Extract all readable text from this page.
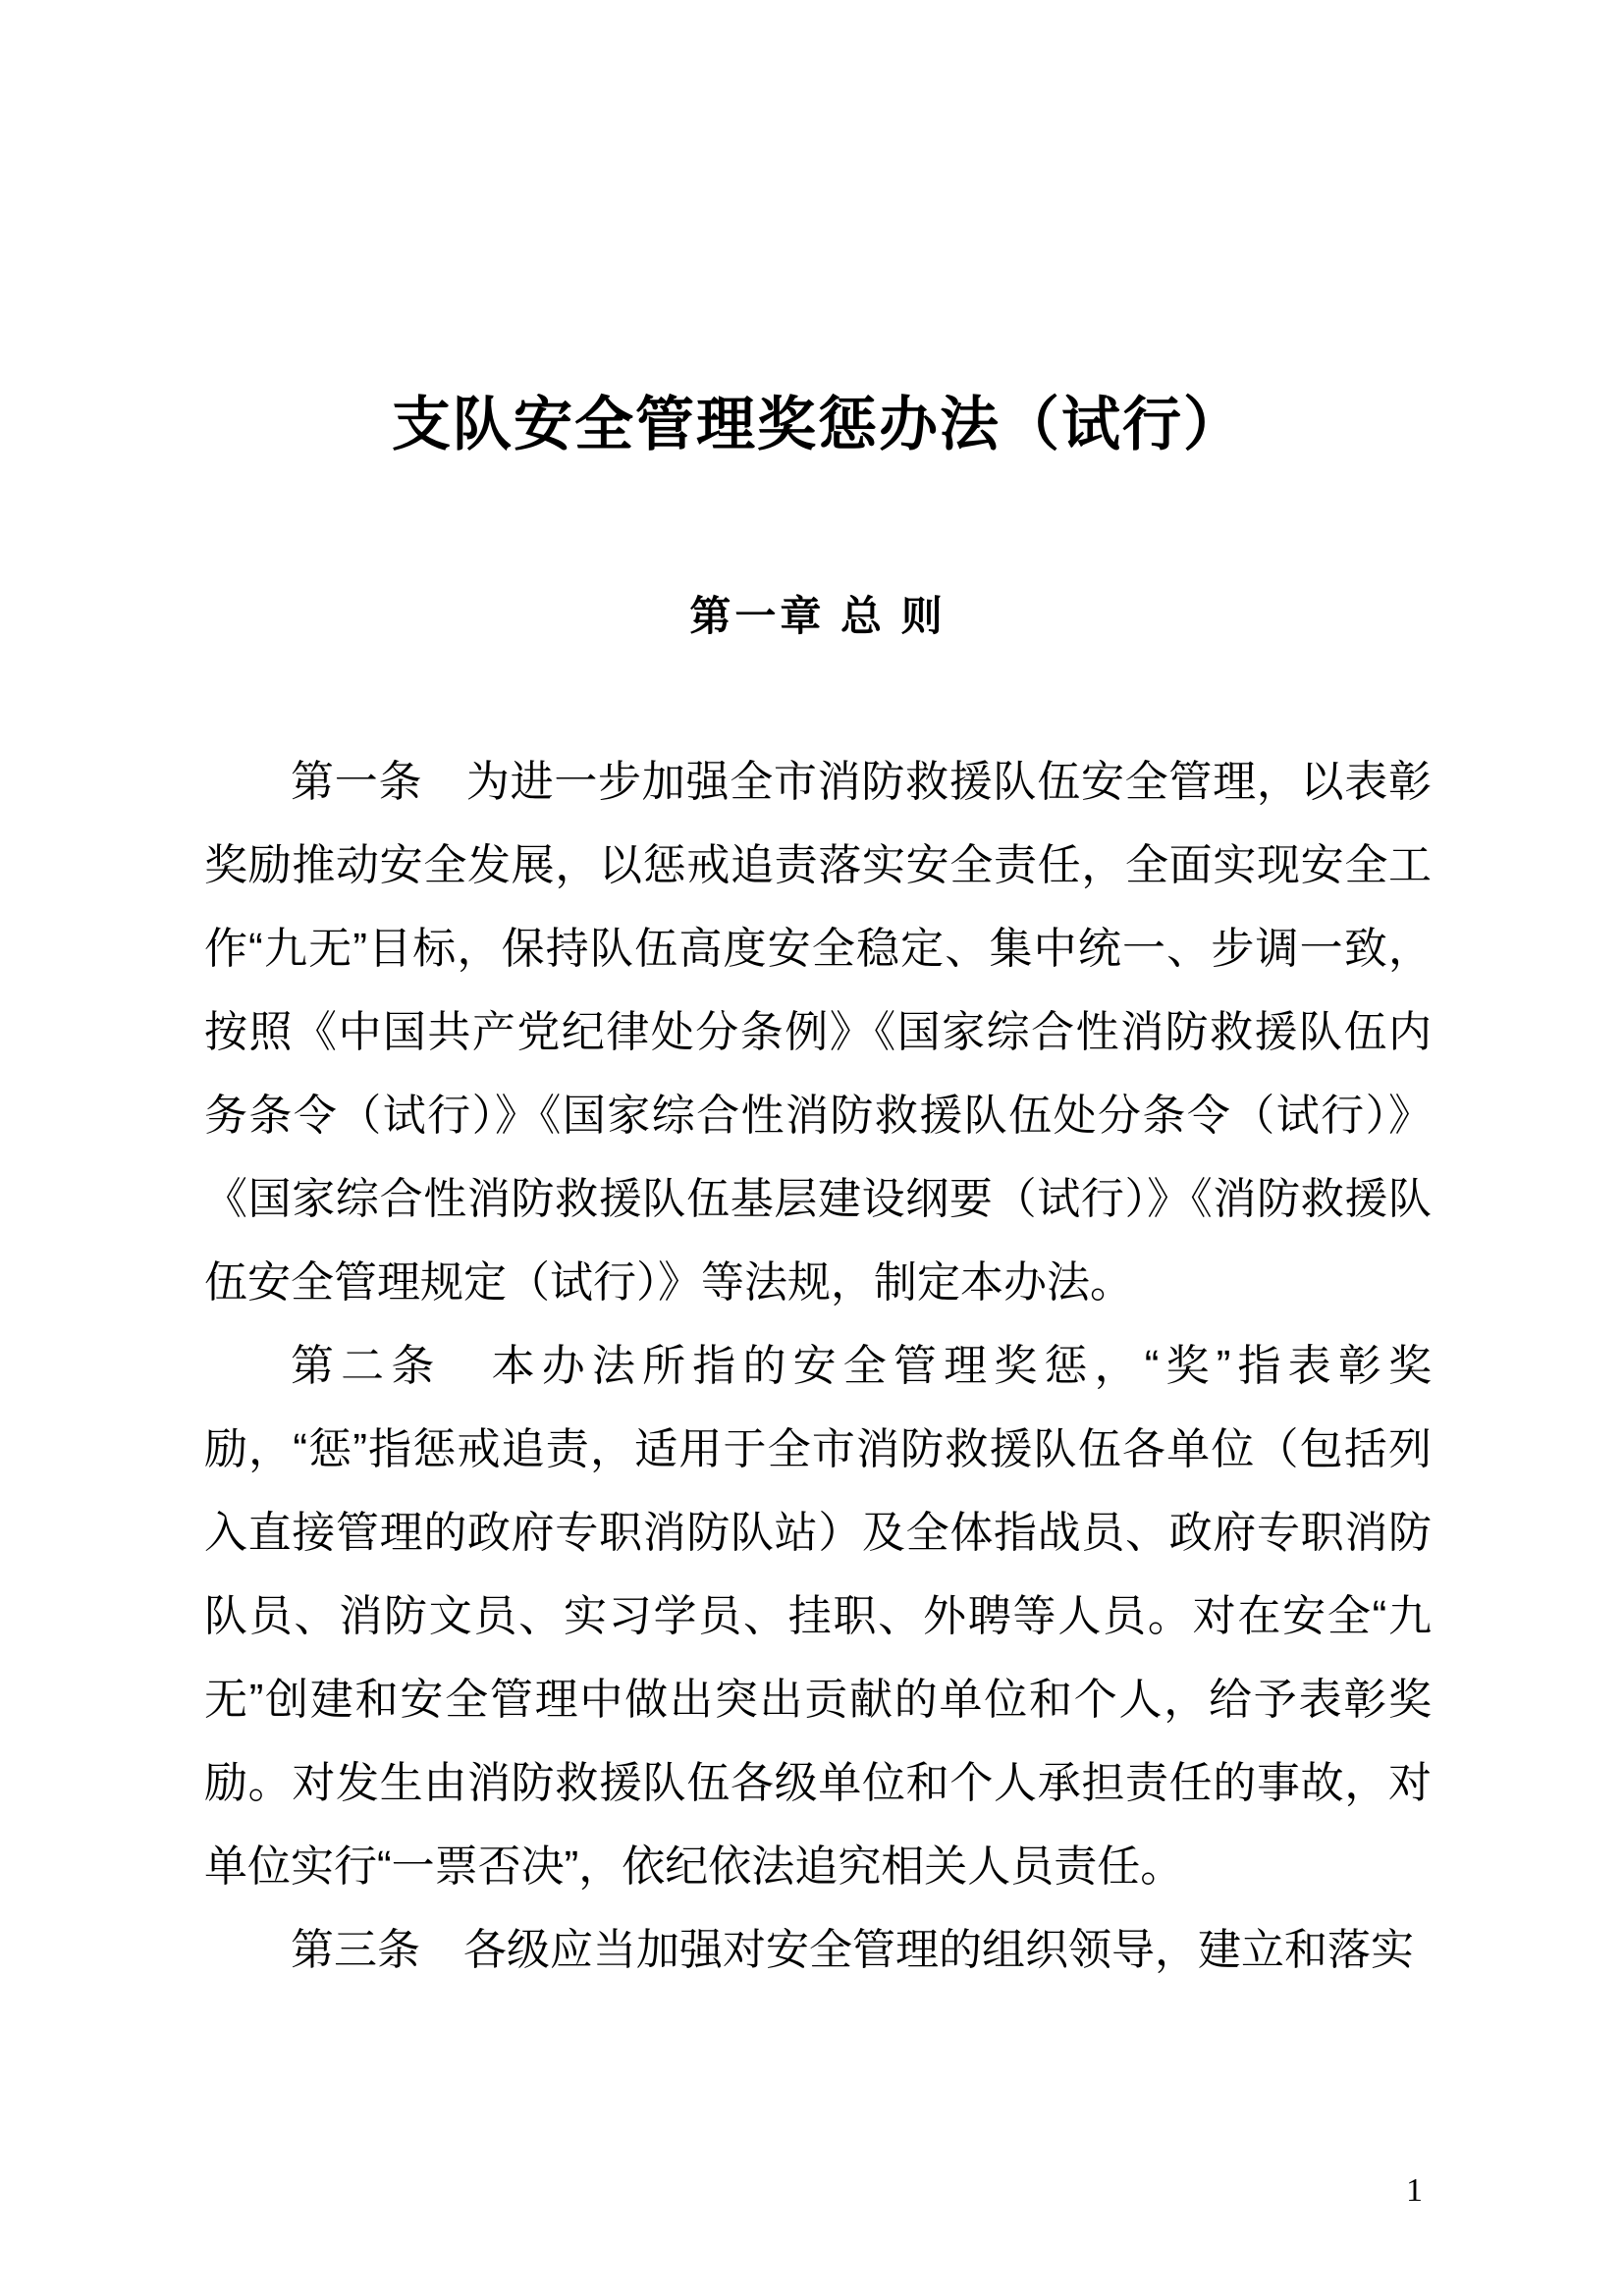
支队安全管理奖惩办法（试行）
第一章 总 则

第一条　为进一步加强全市消防救援队伍安全管理，以表彰奖励推动安全发展，以惩戒追责落实安全责任，全面实现安全工作“九无”目标，保持队伍高度安全稳定、集中统一、步调一致，按照《中国共产党纪律处分条例》《国家综合性消防救援队伍内务条令（试行）》《国家综合性消防救援队伍处分条令（试行）》《国家综合性消防救援队伍基层建设纲要（试行）》《消防救援队伍安全管理规定（试行）》等法规，制定本办法。

第二条　本办法所指的安全管理奖惩，“奖”指表彰奖励，“惩”指惩戒追责，适用于全市消防救援队伍各单位（包括列入直接管理的政府专职消防队站）及全体指战员、政府专职消防队员、消防文员、实习学员、挂职、外聘等人员。对在安全“九无”创建和安全管理中做出突出贡献的单位和个人，给予表彰奖励。对发生由消防救援队伍各级单位和个人承担责任的事故，对单位实行“一票否决”，依纪依法追究相关人员责任。

第三条　各级应当加强对安全管理的组织领导，建立和落实

1
